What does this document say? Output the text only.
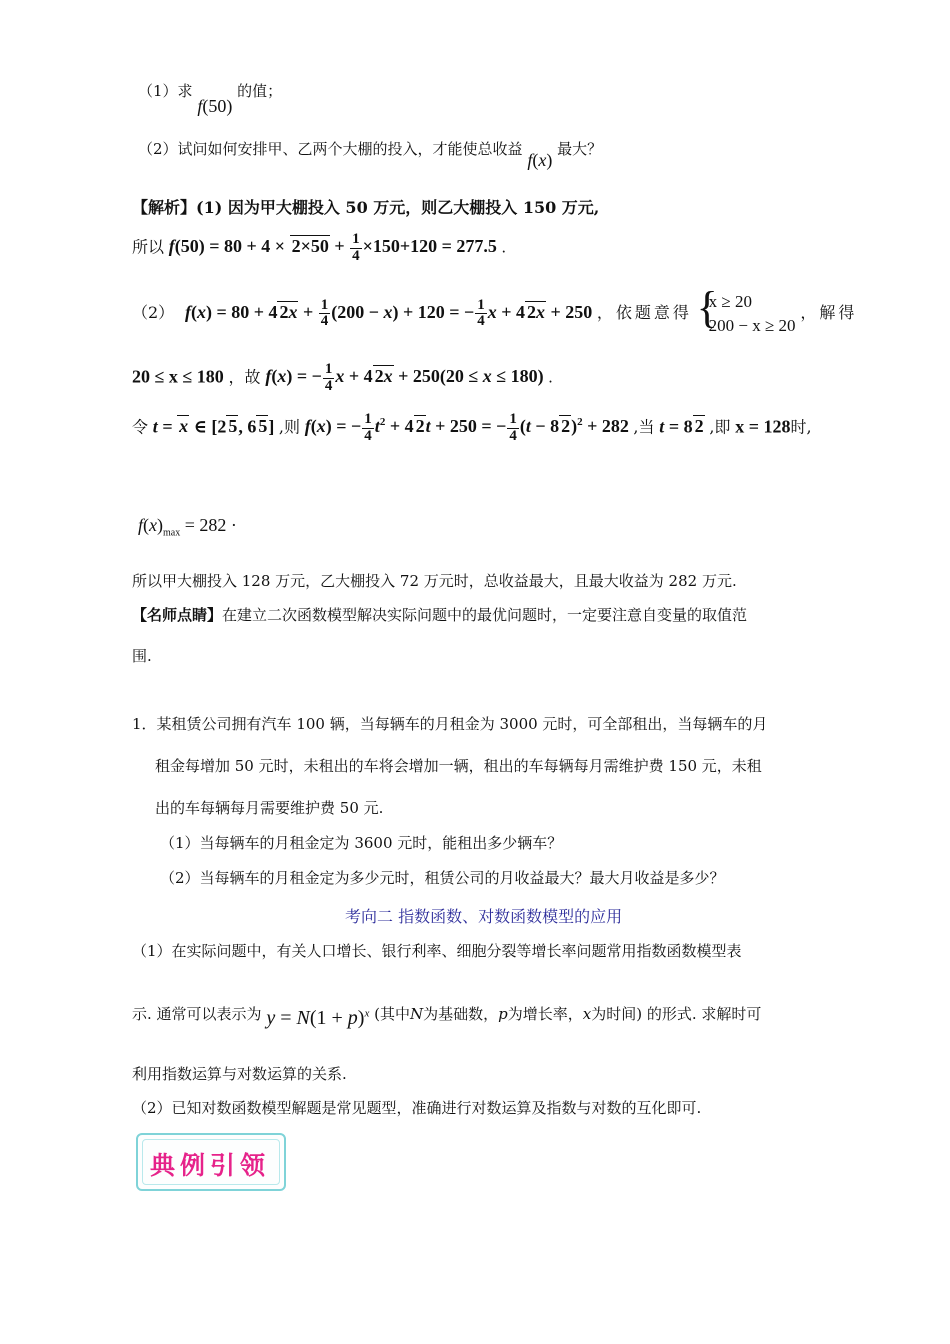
（1）求 f(50) 的值；
（2）试问如何安排甲、乙两个大棚的投入，才能使总收益 f(x) 最大？
【解析】(1) 因为甲大棚投入 50 万元，则乙大棚投入 150 万元,
所以 $f(50) = 80 + 4 \times 2\times 50 + \frac{1}{4} \times 150+120 = 277.5$ .
（2） f(x) = 80 + 4 $2x + \frac{1}{4} (200 - x) + 120$ = − $\frac{1}{4}$ x + 4 2x + 250 ，依题意得 {
x ≥ 20
200 − x ≥ 20
，解得
20 ≤ x ≤ 180 ，故 f(x) = − $\frac{1}{4}$ x + 4 2x + 250(20 ≤ x ≤ 180) .
令 t = x ∈ [2 5, 6 5] ,则 f(x) = − $\frac{1}{4} t^2 + 4$ 2t + 250 = − $\frac{1}{4} (t - 8$ 2)$^2$ + 282 ,当 t = 8 2 ,即 x = 128时,
$f(x)_{max} = 282$ ·
所以甲大棚投入 128 万元，乙大棚投入 72 万元时，总收益最大，且最大收益为 282 万元.
【名师点睛】在建立二次函数模型解决实际问题中的最优问题时，一定要注意自变量的取值范
围.
1．某租赁公司拥有汽车 100 辆，当每辆车的月租金为 3000 元时，可全部租出，当每辆车的月
租金每增加 50 元时，未租出的车将会增加一辆，租出的车每辆每月需维护费 150 元，未租
出的车每辆每月需要维护费 50 元.
（1）当每辆车的月租金定为 3600 元时，能租出多少辆车？
（2）当每辆车的月租金定为多少元时，租赁公司的月收益最大？最大月收益是多少？
考向二 指数函数、对数函数模型的应用
（1）在实际问题中，有关人口增长、银行利率、细胞分裂等增长率问题常用指数函数模型表
示. 通常可以表示为 $y = N(1 + p)^x$ (其中N为基础数，p为增长率，x为时间) 的形式. 求解时可
利用指数运算与对数运算的关系.
（2）已知对数函数模型解题是常见题型，准确进行对数运算及指数与对数的互化即可.
典例引领
